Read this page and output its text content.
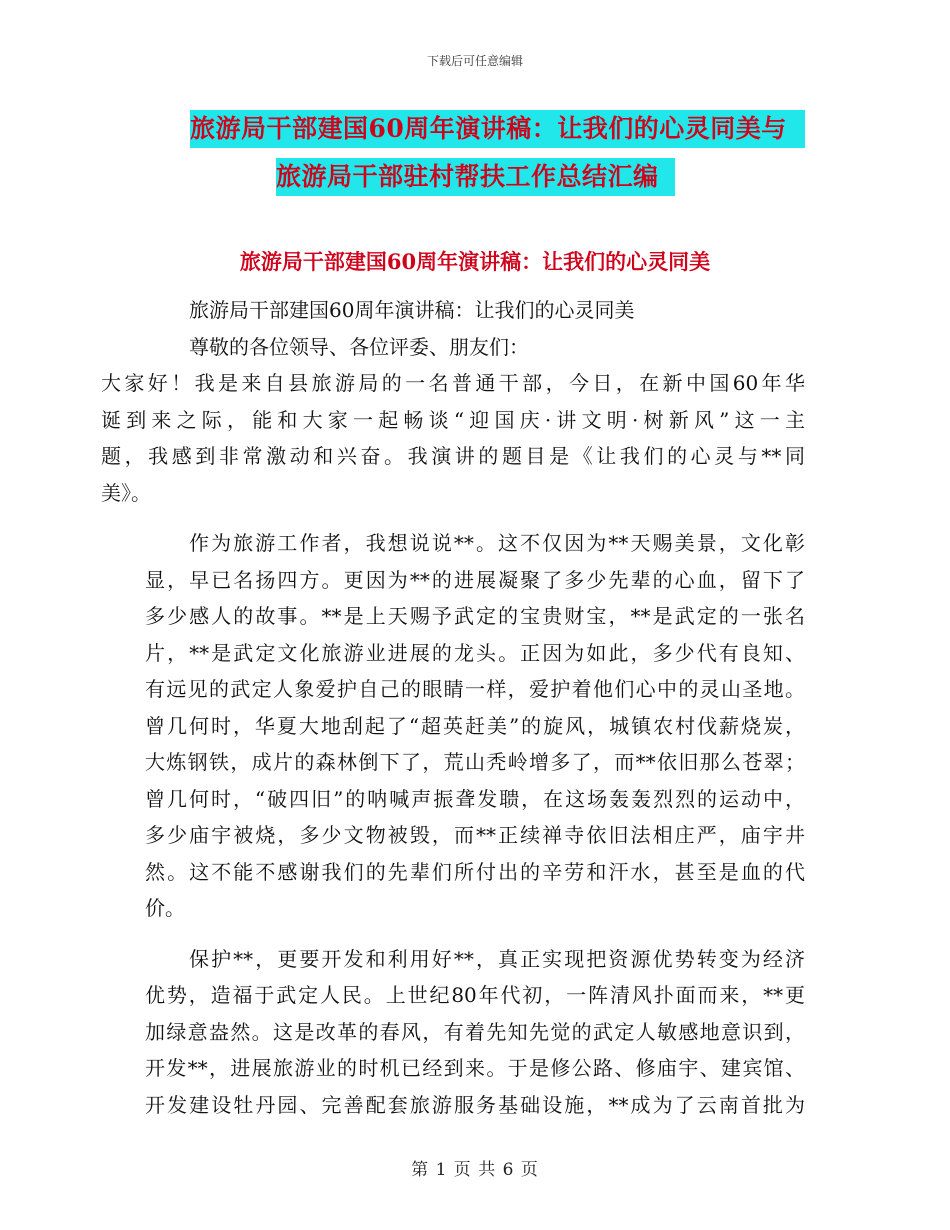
下载后可任意编辑
旅游局干部建国60周年演讲稿：让我们的心灵同美与
旅游局干部驻村帮扶工作总结汇编
旅游局干部建国60周年演讲稿：让我们的心灵同美
旅游局干部建国60周年演讲稿：让我们的心灵同美
尊敬的各位领导、各位评委、朋友们：
大家好！我是来自县旅游局的一名普通干部，今日，在新中国60年华
诞到来之际，能和大家一起畅谈“迎国庆·讲文明·树新风”这一主
题，我感到非常激动和兴奋。我演讲的题目是《让我们的心灵与**同
美》。
作为旅游工作者，我想说说**。这不仅因为**天赐美景，文化彰
显，早已名扬四方。更因为**的进展凝聚了多少先辈的心血，留下了
多少感人的故事。**是上天赐予武定的宝贵财宝，**是武定的一张名
片，**是武定文化旅游业进展的龙头。正因为如此，多少代有良知、
有远见的武定人象爱护自己的眼睛一样，爱护着他们心中的灵山圣地。
曾几何时，华夏大地刮起了“超英赶美”的旋风，城镇农村伐薪烧炭，
大炼钢铁，成片的森林倒下了，荒山秃岭增多了，而**依旧那么苍翠；
曾几何时，“破四旧”的呐喊声振聋发聩，在这场轰轰烈烈的运动中，
多少庙宇被烧，多少文物被毁，而**正续禅寺依旧法相庄严，庙宇井
然。这不能不感谢我们的先辈们所付出的辛劳和汗水，甚至是血的代
价。
保护**，更要开发和利用好**，真正实现把资源优势转变为经济
优势，造福于武定人民。上世纪80年代初，一阵清风扑面而来，**更
加绿意盎然。这是改革的春风，有着先知先觉的武定人敏感地意识到，
开发**，进展旅游业的时机已经到来。于是修公路、修庙宇、建宾馆、
开发建设牡丹园、完善配套旅游服务基础设施，**成为了云南首批为
第 1 页 共 6 页
